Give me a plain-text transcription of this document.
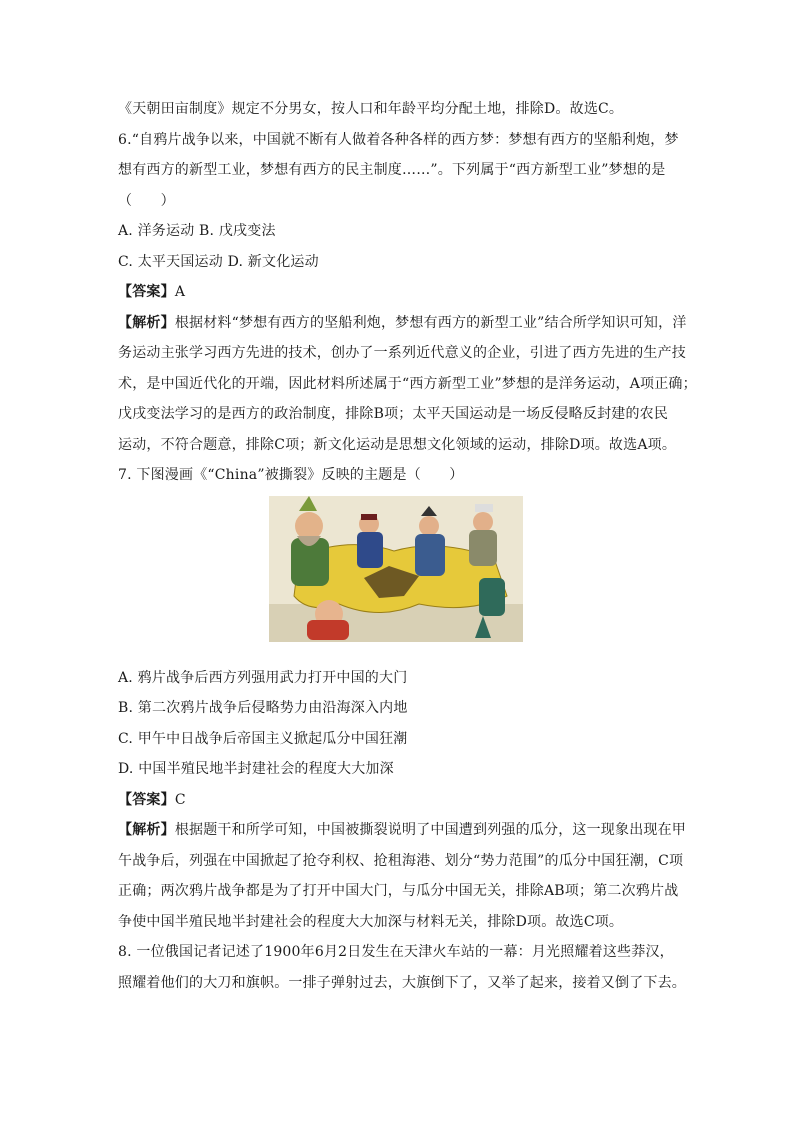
《天朝田亩制度》规定不分男女，按人口和年龄平均分配土地，排除D。故选C。

6.“自鸦片战争以来，中国就不断有人做着各种各样的西方梦：梦想有西方的坚船利炮，梦

想有西方的新型工业，梦想有西方的民主制度……”。下列属于“西方新型工业”梦想的是

（　　）

A. 洋务运动 B. 戊戌变法

C. 太平天国运动 D. 新文化运动

【答案】A

【解析】根据材料“梦想有西方的坚船利炮，梦想有西方的新型工业”结合所学知识可知，洋

务运动主张学习西方先进的技术，创办了一系列近代意义的企业，引进了西方先进的生产技

术，是中国近代化的开端，因此材料所述属于“西方新型工业”梦想的是洋务运动，A项正确；

戊戌变法学习的是西方的政治制度，排除B项；太平天国运动是一场反侵略反封建的农民

运动，不符合题意，排除C项；新文化运动是思想文化领域的运动，排除D项。故选A项。

7. 下图漫画《“China”被撕裂》反映的主题是（　　）

A. 鸦片战争后西方列强用武力打开中国的大门

B. 第二次鸦片战争后侵略势力由沿海深入内地

C. 甲午中日战争后帝国主义掀起瓜分中国狂潮

D. 中国半殖民地半封建社会的程度大大加深

【答案】C

【解析】根据题干和所学可知，中国被撕裂说明了中国遭到列强的瓜分，这一现象出现在甲

午战争后，列强在中国掀起了抢夺利权、抢租海港、划分“势力范围”的瓜分中国狂潮，C项

正确；两次鸦片战争都是为了打开中国大门，与瓜分中国无关，排除AB项；第二次鸦片战

争使中国半殖民地半封建社会的程度大大加深与材料无关，排除D项。故选C项。

8. 一位俄国记者记述了1900年6月2日发生在天津火车站的一幕：月光照耀着这些莽汉，

照耀着他们的大刀和旗帜。一排子弹射过去，大旗倒下了，又举了起来，接着又倒了下去。
